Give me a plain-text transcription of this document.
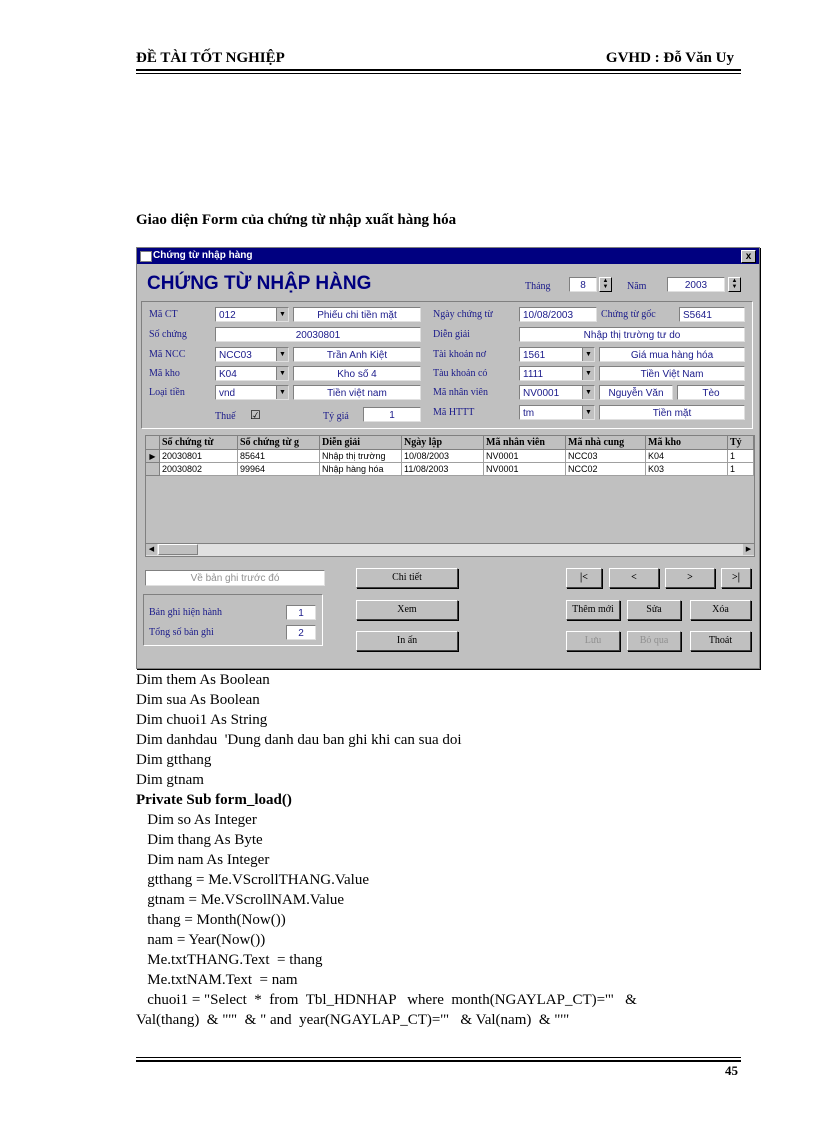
ĐỀ TÀI TỐT NGHIỆP	GVHD : Đỗ Văn Uy
Giao diện Form của chứng từ nhập xuất hàng hóa
Chứng từ nhập hàng	x
CHỨNG TỪ NHẬP HÀNG	Tháng	8	▲
▼	Năm	2003	▲
▼
Mã CT	012	▼	Phiếu chi tiền mặt
Số chứng	20030801
Mã NCC	NCC03	▼	Trần Anh Kiệt
Mã kho	K04	▼	Kho số 4
Loại tiền	vnd	▼	Tiền việt nam
Thuế ☑	Tỷ giá	1
Ngày chứng từ	10/08/2003	Chứng từ gốc	S5641
Diễn giải	Nhập thị trường tư do
Tài khoản nơ	1561	▼	Giá mua hàng hóa
Tàu khoản có	1111	▼	Tiền Việt Nam
Mã nhân viên	NV0001	▼	Nguyễn Văn	Tèo
Mã HTTT	tm	▼	Tiền mặt
Số chứng từ	Số chứng từ g	Diễn giải	Ngày lập	Mã nhân viên	Mã nhà cung	Mã kho	Tỷ
▶ 20030801	85641	Nhập thị trường	10/08/2003	NV0001	NCC03	K04	1
20030802	99964	Nhập hàng hóa	11/08/2003	NV0001	NCC02	K03	1
◀	▶
Về bản ghi trước đó
Bản ghi hiện hành	1
Tổng số bản ghi	2
Chi tiết
Xem
In ấn
|<	<	>	>|
Thêm mới	Sửa	Xóa
Lưu	Bỏ qua	Thoát
Dim them As Boolean
Dim sua As Boolean
Dim chuoi1 As String
Dim danhdau  'Dung danh dau ban ghi khi can sua doi
Dim gtthang
Dim gtnam
Private Sub form_load()
Dim so As Integer
Dim thang As Byte
Dim nam As Integer
gtthang = Me.VScrollTHANG.Value
gtnam = Me.VScrollNAM.Value
thang = Month(Now())
nam = Year(Now())
Me.txtTHANG.Text  = thang
Me.txtNAM.Text  = nam
chuoi1 = "Select  *  from  Tbl_HDNHAP   where  month(NGAYLAP_CT)='"   &
Val(thang)  & "'"  & " and  year(NGAYLAP_CT)='"   & Val(nam)  & "'"
45
